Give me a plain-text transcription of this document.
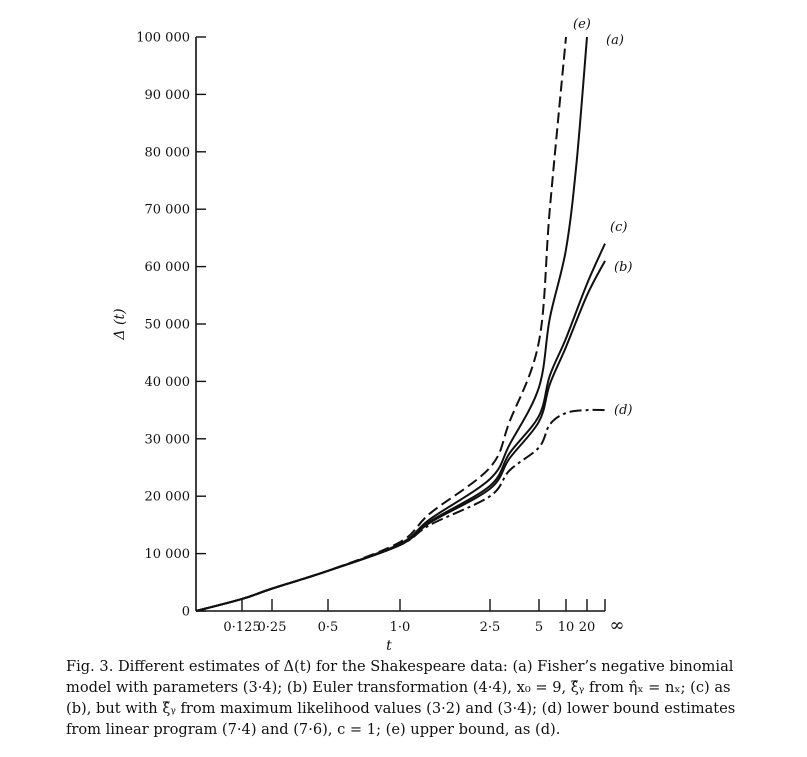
0
10 000
20 000
30 000
40 000
50 000
60 000
70 000
80 000
90 000
100 000
0·125
0·25 0·5	1·0	2·5	5 10 20 ∞
(e)
(a)
(c)
(b)
(d)
Δ (t)
t
Fig. 3. Different estimates of Δ(t) for the Shakespeare data: (a) Fisher’s negative binomial
model with parameters (3·4); (b) Euler transformation (4·4), x₀ = 9, ξ̂ᵧ from η̂ₓ = nₓ; (c) as
(b), but with ξ̂ᵧ from maximum likelihood values (3·2) and (3·4); (d) lower bound estimates
from linear program (7·4) and (7·6), c = 1; (e) upper bound, as (d).
